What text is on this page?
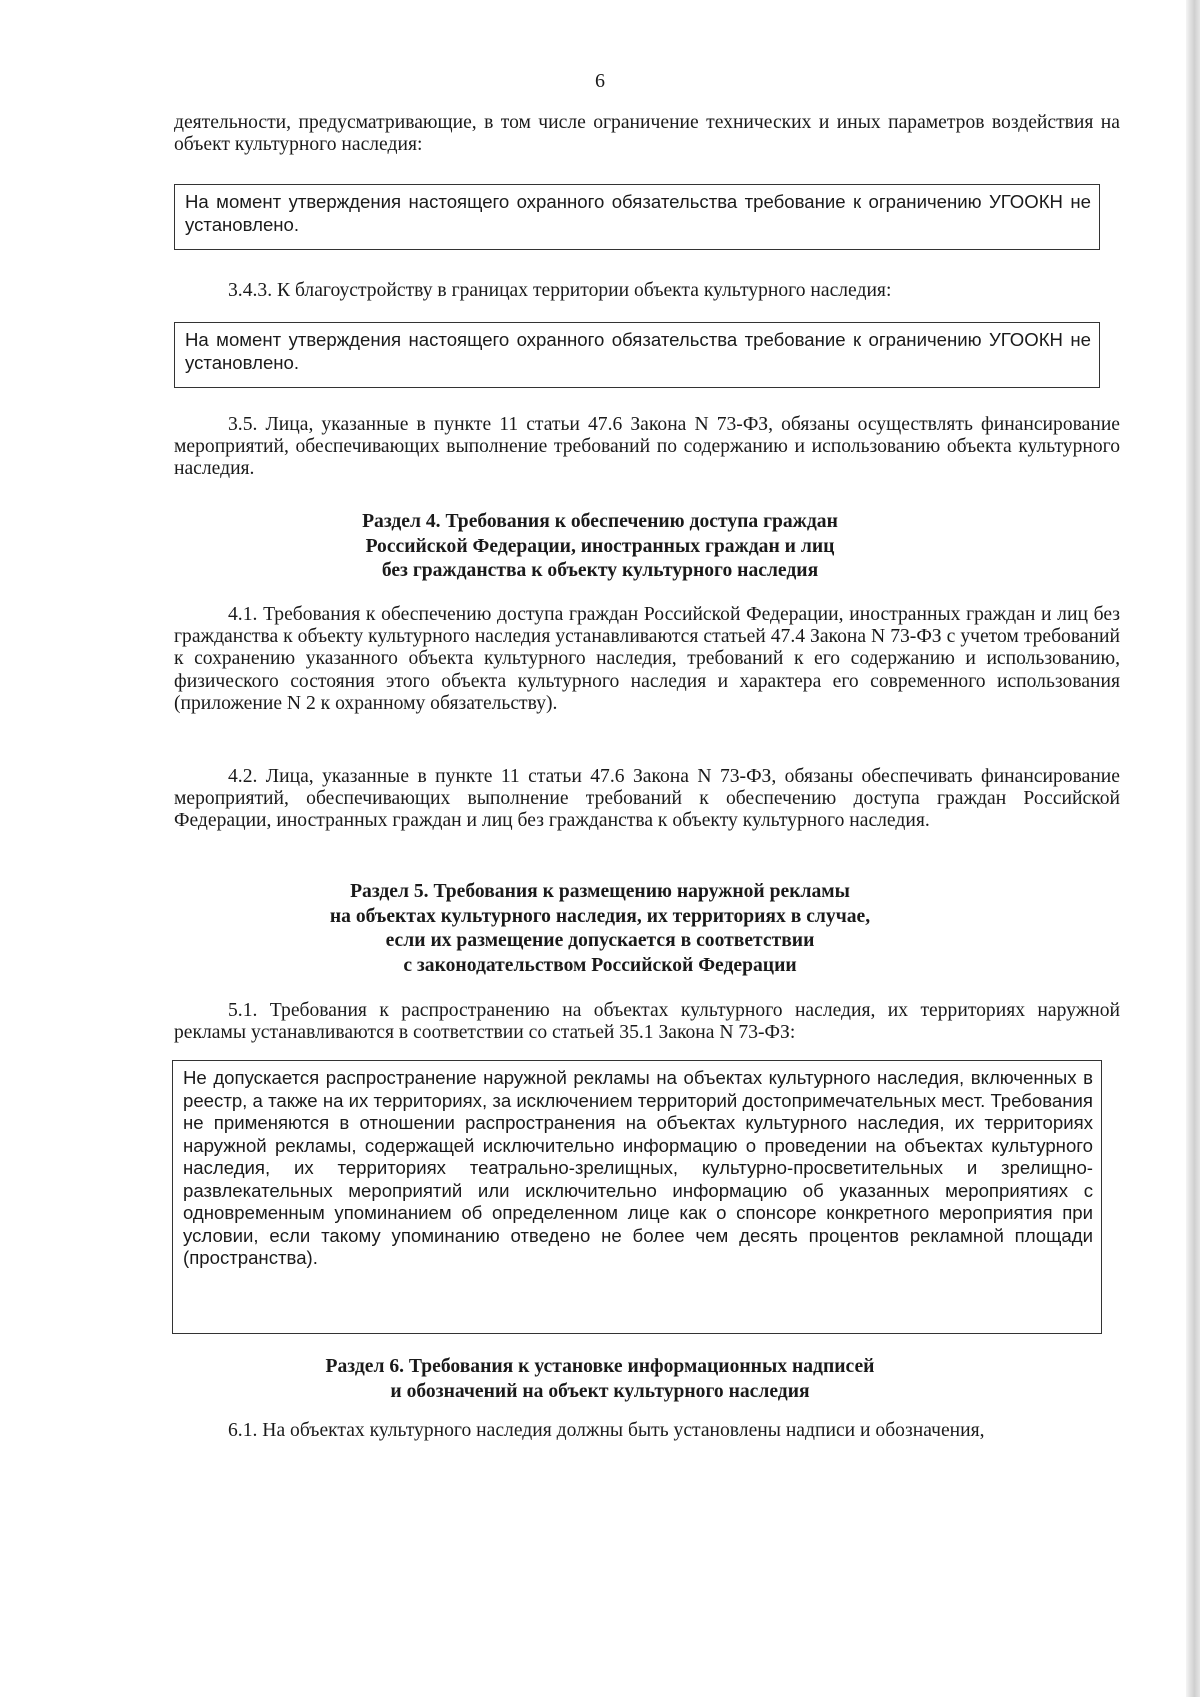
6
деятельности, предусматривающие, в том числе ограничение технических и иных параметров воздействия на объект культурного наследия:
На момент утверждения настоящего охранного обязательства требование к ограничению УГООКН не установлено.
3.4.3. К благоустройству в границах территории объекта культурного наследия:
На момент утверждения настоящего охранного обязательства требование к ограничению УГООКН не установлено.
3.5. Лица, указанные в пункте 11 статьи 47.6 Закона N 73-ФЗ, обязаны осуществлять финансирование мероприятий, обеспечивающих выполнение требований по содержанию и использованию объекта культурного наследия.
Раздел 4. Требования к обеспечению доступа граждан
Российской Федерации, иностранных граждан и лиц
без гражданства к объекту культурного наследия
4.1. Требования к обеспечению доступа граждан Российской Федерации, иностранных граждан и лиц без гражданства к объекту культурного наследия устанавливаются статьей 47.4 Закона N 73-ФЗ с учетом требований к сохранению указанного объекта культурного наследия, требований к его содержанию и использованию, физического состояния этого объекта культурного наследия и характера его современного использования (приложение N 2 к охранному обязательству).
4.2. Лица, указанные в пункте 11 статьи 47.6 Закона N 73-ФЗ, обязаны обеспечивать финансирование мероприятий, обеспечивающих выполнение требований к обеспечению доступа граждан Российской Федерации, иностранных граждан и лиц без гражданства к объекту культурного наследия.
Раздел 5. Требования к размещению наружной рекламы
на объектах культурного наследия, их территориях в случае,
если их размещение допускается в соответствии
с законодательством Российской Федерации
5.1. Требования к распространению на объектах культурного наследия, их территориях наружной рекламы устанавливаются в соответствии со статьей 35.1 Закона N 73-ФЗ:
Не допускается распространение наружной рекламы на объектах культурного наследия, включенных в реестр, а также на их территориях, за исключением территорий достопримечательных мест. Требования не применяются в отношении распространения на объектах культурного наследия, их территориях наружной рекламы, содержащей исключительно информацию о проведении на объектах культурного наследия, их территориях театрально-зрелищных, культурно-просветительных и зрелищно-развлекательных мероприятий или исключительно информацию об указанных мероприятиях с одновременным упоминанием об определенном лице как о спонсоре конкретного мероприятия при условии, если такому упоминанию отведено не более чем десять процентов рекламной площади (пространства).
Раздел 6. Требования к установке информационных надписей
и обозначений на объект культурного наследия
6.1. На объектах культурного наследия должны быть установлены надписи и обозначения,
